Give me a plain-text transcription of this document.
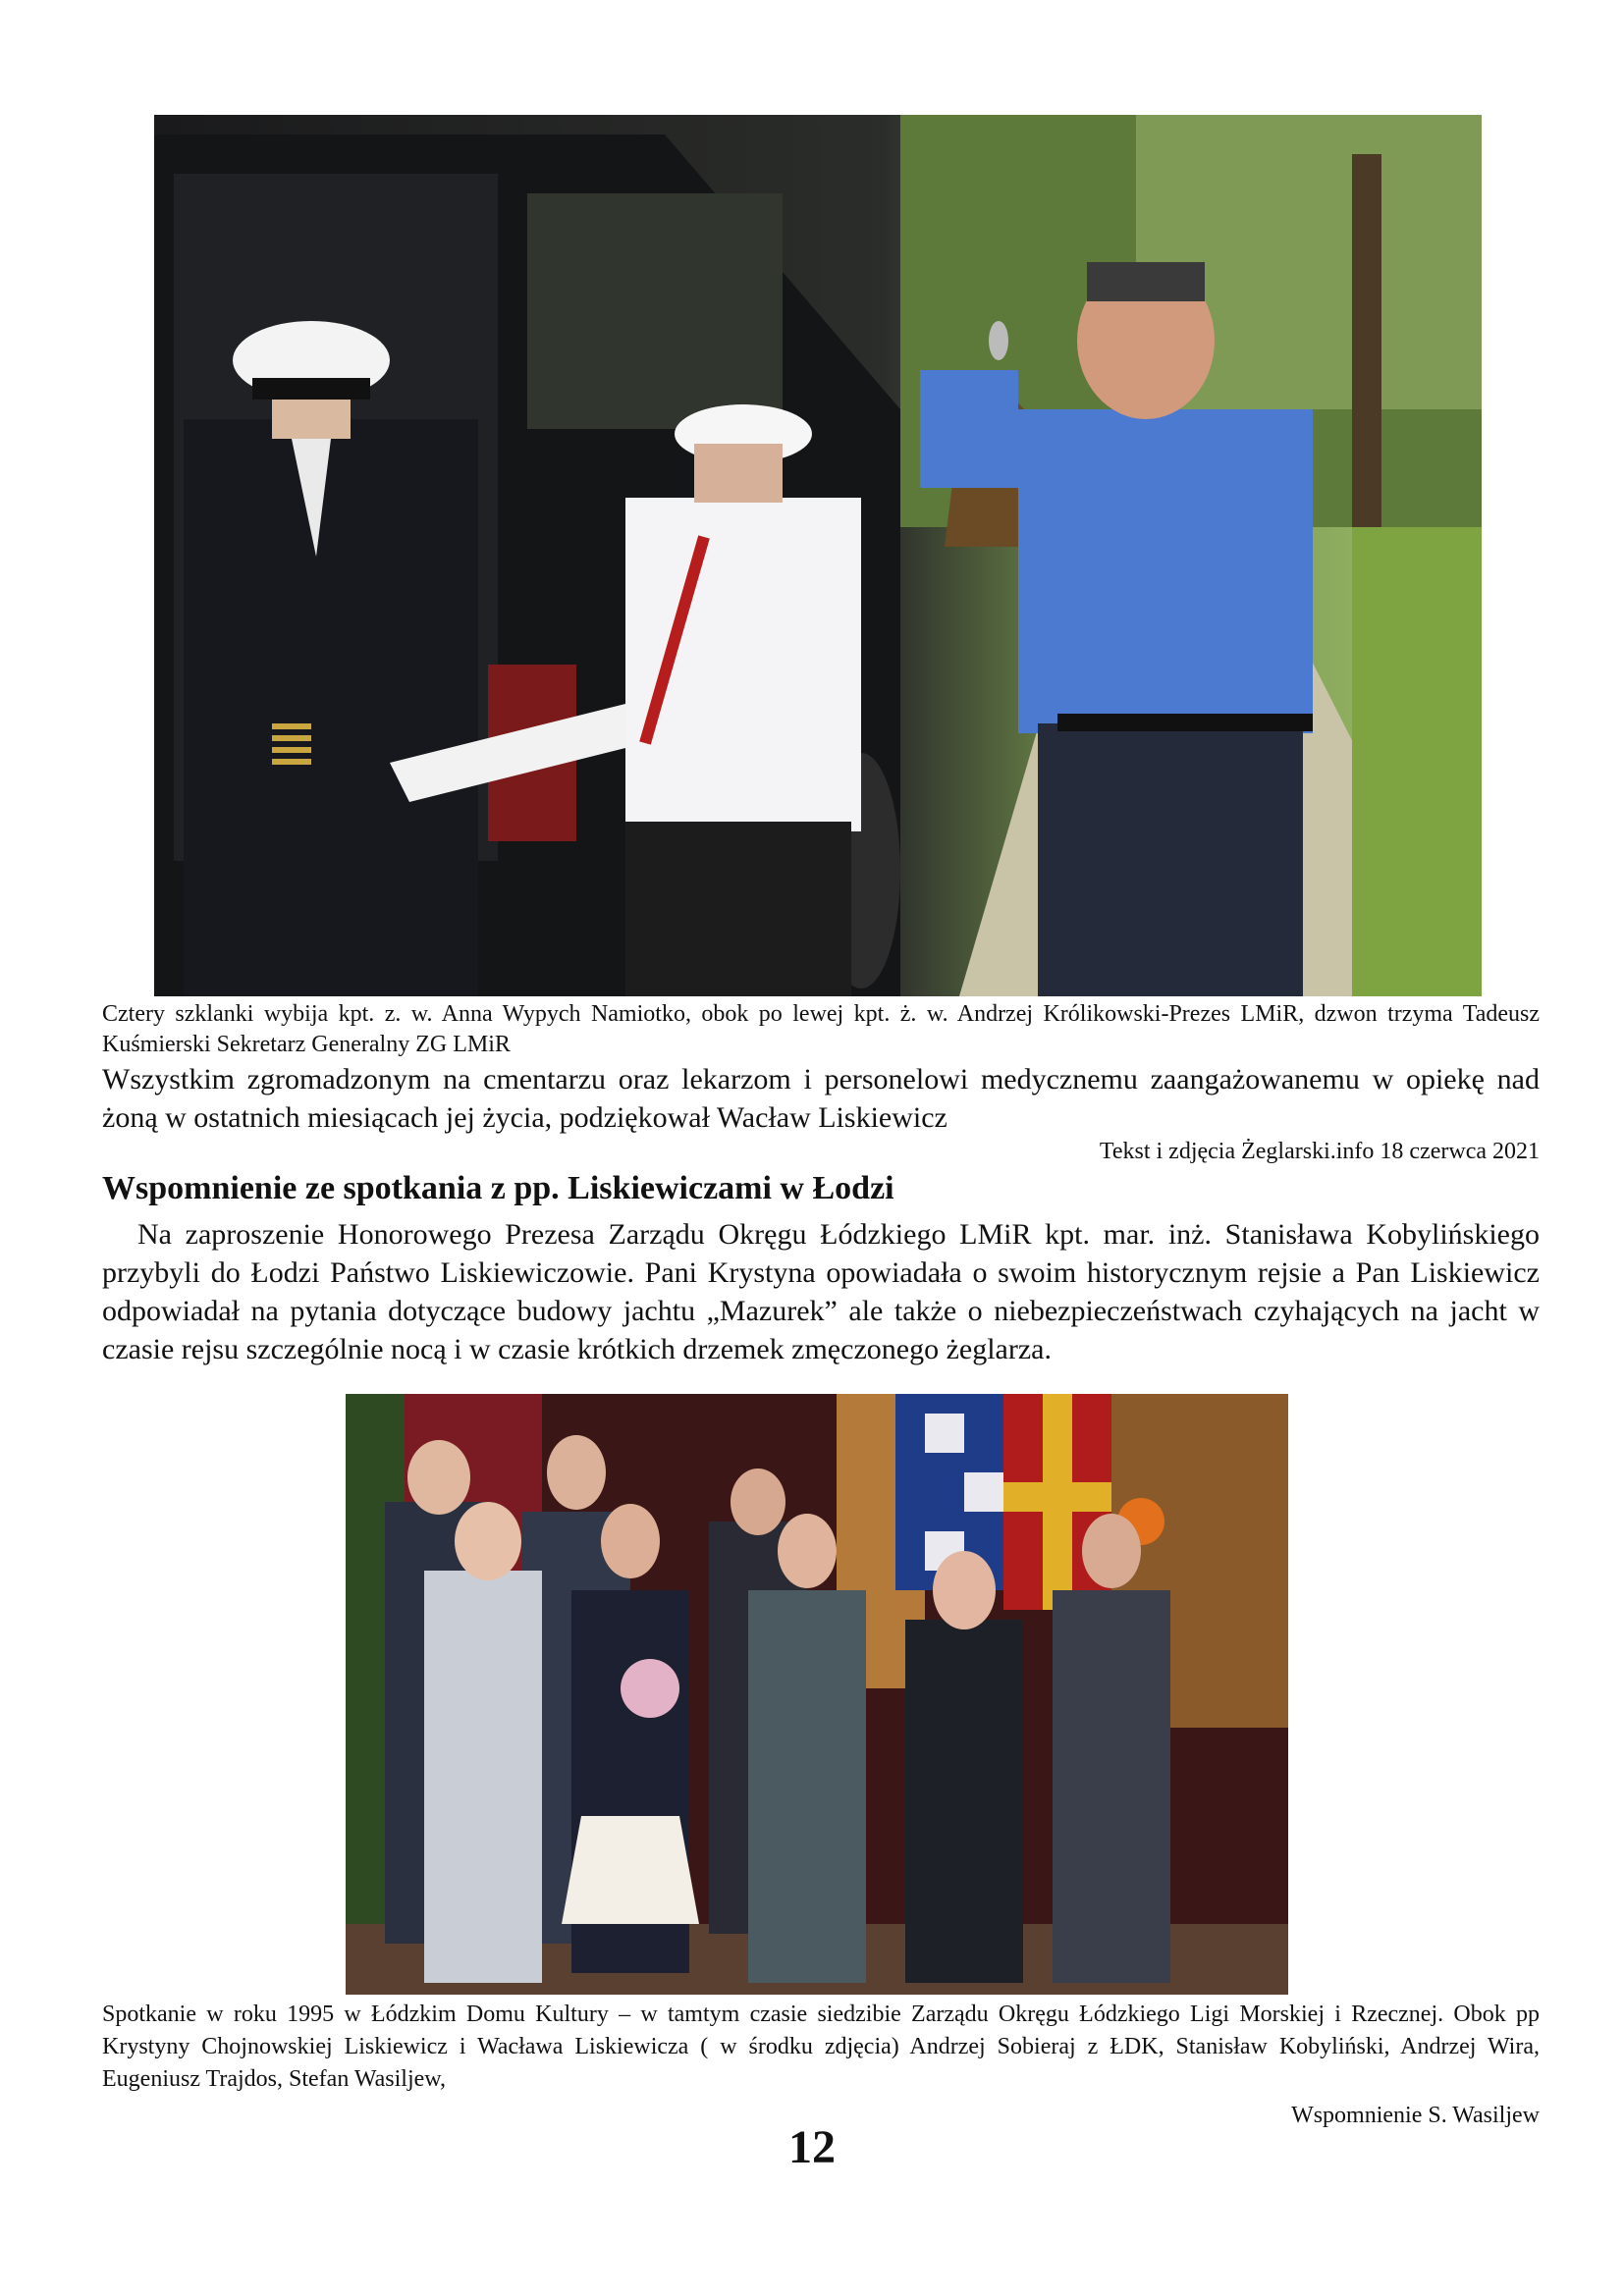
Cztery szklanki wybija kpt. z. w. Anna Wypych Namiotko, obok po lewej kpt. ż. w. Andrzej Królikowski-Prezes LMiR, dzwon trzyma Tadeusz Kuśmierski Sekretarz Generalny ZG LMiR
Wszystkim zgromadzonym na cmentarzu oraz lekarzom i personelowi medycznemu zaangażowanemu w opiekę nad żoną w ostatnich miesiącach jej życia, podziękował Wacław Liskiewicz
Tekst i zdjęcia Żeglarski.info 18 czerwca 2021
Wspomnienie ze spotkania z pp. Liskiewiczami w Łodzi
Na zaproszenie Honorowego Prezesa Zarządu Okręgu Łódzkiego LMiR kpt. mar. inż. Stanisława Kobylińskiego przybyli do Łodzi Państwo Liskiewiczowie. Pani Krystyna opowiadała o swoim historycznym rejsie a Pan Liskiewicz odpowiadał na pytania dotyczące budowy jachtu „Mazurek” ale także o niebezpieczeństwach czyhających na jacht w czasie rejsu szczególnie nocą i w czasie krótkich drzemek zmęczonego żeglarza.
Spotkanie w roku 1995 w Łódzkim Domu Kultury – w tamtym czasie siedzibie Zarządu Okręgu Łódzkiego Ligi Morskiej i Rzecznej. Obok pp Krystyny Chojnowskiej Liskiewicz i Wacława Liskiewicza ( w środku zdjęcia) Andrzej Sobieraj z ŁDK, Stanisław Kobyliński, Andrzej Wira, Eugeniusz Trajdos, Stefan Wasiljew,
Wspomnienie S. Wasiljew
12
